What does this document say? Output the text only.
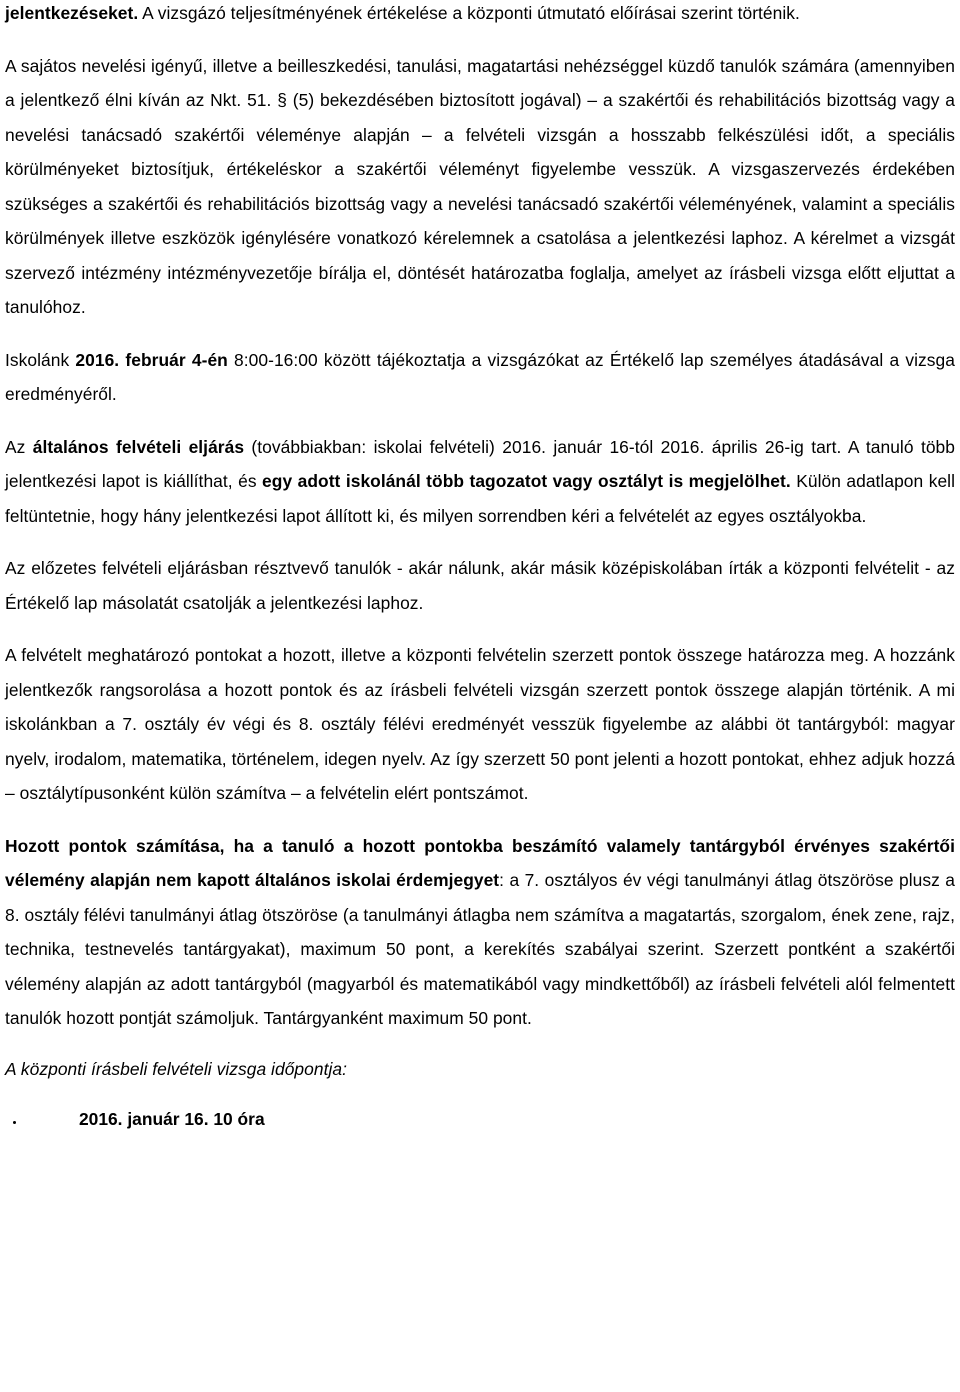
jelentkezéseket. A vizsgázó teljesítményének értékelése a központi útmutató előírásai szerint történik.

A sajátos nevelési igényű, illetve a beilleszkedési, tanulási, magatartási nehézséggel küzdő tanulók számára (amennyiben a jelentkező élni kíván az Nkt. 51. § (5) bekezdésében biztosított jogával) – a szakértői és rehabilitációs bizottság vagy a nevelési tanácsadó szakértői véleménye alapján – a felvételi vizsgán a hosszabb felkészülési időt, a speciális körülményeket biztosítjuk, értékeléskor a szakértői véleményt figyelembe vesszük. A vizsgaszervezés érdekében szükséges a szakértői és rehabilitációs bizottság vagy a nevelési tanácsadó szakértői véleményének, valamint a speciális körülmények illetve eszközök igénylésére vonatkozó kérelemnek a csatolása a jelentkezési laphoz. A kérelmet a vizsgát szervező intézmény intézményvezetője bírálja el, döntését határozatba foglalja, amelyet az írásbeli vizsga előtt eljuttat a tanulóhoz.

Iskolánk 2016. február 4-én 8:00-16:00 között tájékoztatja a vizsgázókat az Értékelő lap személyes átadásával a vizsga eredményéről.

Az általános felvételi eljárás (továbbiakban: iskolai felvételi) 2016. január 16-tól 2016. április 26-ig tart. A tanuló több jelentkezési lapot is kiállíthat, és egy adott iskolánál több tagozatot vagy osztályt is megjelölhet. Külön adatlapon kell feltüntetnie, hogy hány jelentkezési lapot állított ki, és milyen sorrendben kéri a felvételét az egyes osztályokba.

Az előzetes felvételi eljárásban résztvevő tanulók - akár nálunk, akár másik középiskolában írták a központi felvételit - az Értékelő lap másolatát csatolják a jelentkezési laphoz.

A felvételt meghatározó pontokat a hozott, illetve a központi felvételin szerzett pontok összege határozza meg. A hozzánk jelentkezők rangsorolása a hozott pontok és az írásbeli felvételi vizsgán szerzett pontok összege alapján történik. A mi iskolánkban a 7. osztály év végi és 8. osztály félévi eredményét vesszük figyelembe az alábbi öt tantárgyból: magyar nyelv, irodalom, matematika, történelem, idegen nyelv. Az így szerzett 50 pont jelenti a hozott pontokat, ehhez adjuk hozzá – osztálytípusonként külön számítva – a felvételin elért pontszámot.

Hozott pontok számítása, ha a tanuló a hozott pontokba beszámító valamely tantárgyból érvényes szakértői vélemény alapján nem kapott általános iskolai érdemjegyet: a 7. osztályos év végi tanulmányi átlag ötszöröse plusz a 8. osztály félévi tanulmányi átlag ötszöröse (a tanulmányi átlagba nem számítva a magatartás, szorgalom, ének zene, rajz, technika, testnevelés tantárgyakat), maximum 50 pont, a kerekítés szabályai szerint. Szerzett pontként a szakértői vélemény alapján az adott tantárgyból (magyarból és matematikából vagy mindkettőből) az írásbeli felvételi alól felmentett tanulók hozott pontját számoljuk. Tantárgyanként maximum 50 pont.

A központi írásbeli felvételi vizsga időpontja:

2016. január 16. 10 óra
